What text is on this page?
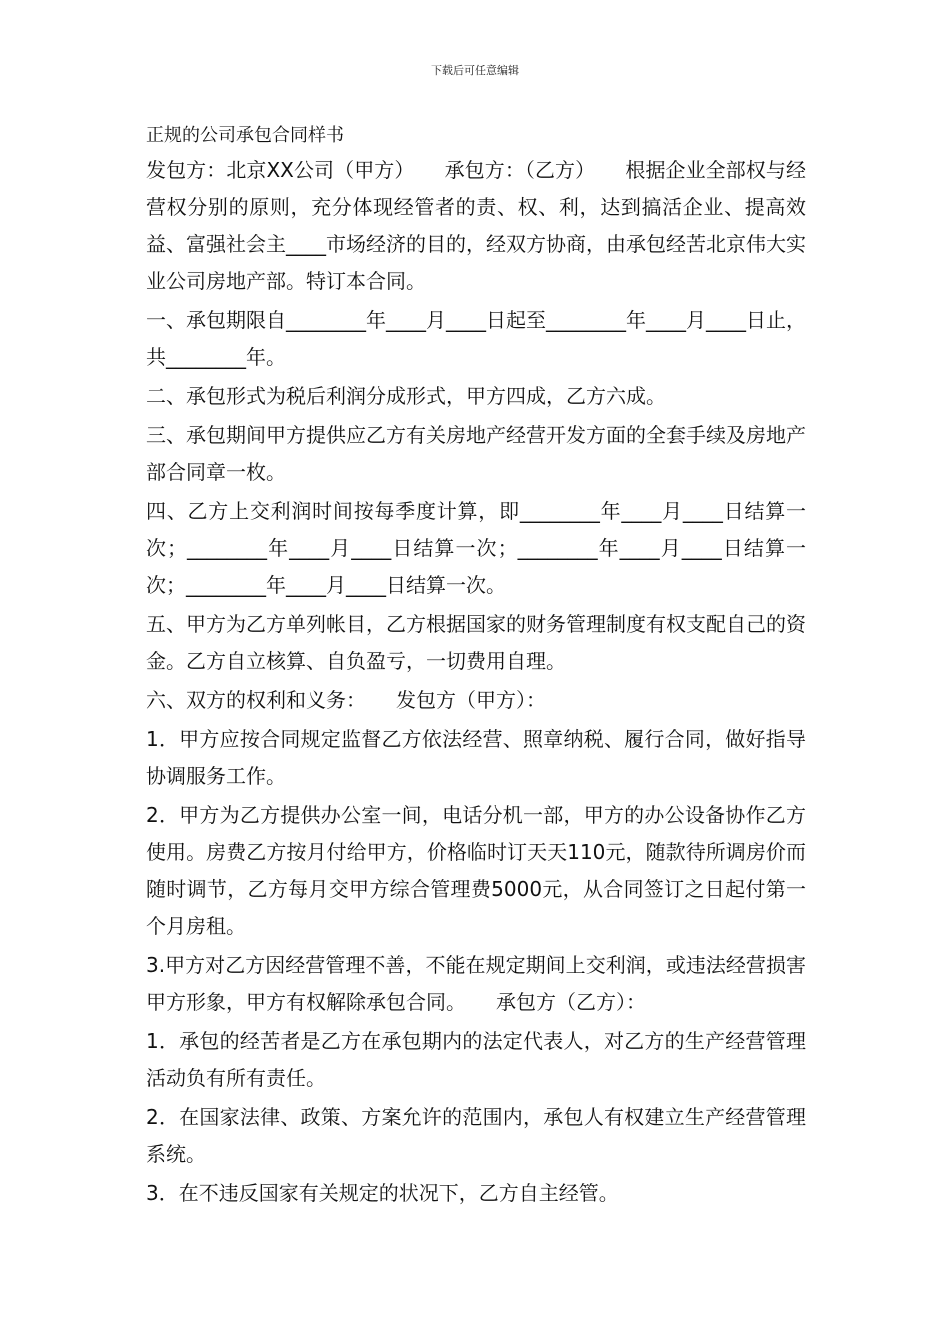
下载后可任意编辑
正规的公司承包合同样书

发包方：北京XX公司（甲方）　　承包方：（乙方）　　根据企业全部权与经营权分别的原则，充分体现经管者的责、权、利，达到搞活企业、提高效益、富强社会主____市场经济的目的，经双方协商，由承包经苦北京伟大实业公司房地产部。特订本合同。

一、承包期限自________年____月____日起至________年____月____日止，共________年。

二、承包形式为税后利润分成形式，甲方四成，乙方六成。

三、承包期间甲方提供应乙方有关房地产经营开发方面的全套手续及房地产部合同章一枚。

四、乙方上交利润时间按每季度计算，即________年____月____日结算一次；________年____月____日结算一次；________年____月____日结算一次；________年____月____日结算一次。

五、甲方为乙方单列帐目，乙方根据国家的财务管理制度有权支配自己的资金。乙方自立核算、自负盈亏，一切费用自理。

六、双方的权利和义务：　　发包方（甲方）：

1．甲方应按合同规定监督乙方依法经营、照章纳税、履行合同，做好指导协调服务工作。

2．甲方为乙方提供办公室一间，电话分机一部，甲方的办公设备协作乙方使用。房费乙方按月付给甲方，价格临时订天天110元，随款待所调房价而随时调节，乙方每月交甲方综合管理费5000元，从合同签订之日起付第一个月房租。

3.甲方对乙方因经营管理不善，不能在规定期间上交利润，或违法经营损害甲方形象，甲方有权解除承包合同。　　承包方（乙方）：

1．承包的经苦者是乙方在承包期内的法定代表人，对乙方的生产经营管理活动负有所有责任。

2．在国家法律、政策、方案允许的范围内，承包人有权建立生产经营管理系统。

3．在不违反国家有关规定的状况下，乙方自主经管。
